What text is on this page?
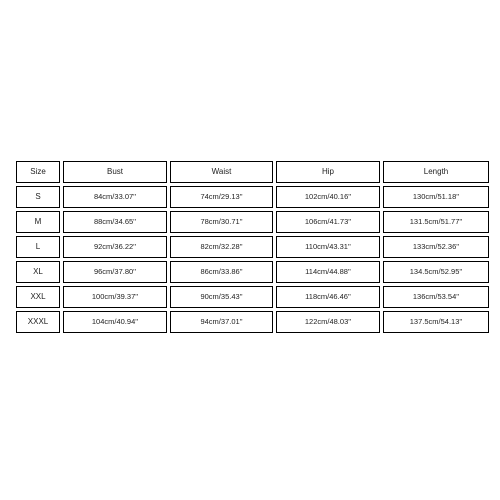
Size	Bust	Waist	Hip	Length
S	84cm/33.07''	74cm/29.13''	102cm/40.16''	130cm/51.18''
M	88cm/34.65''	78cm/30.71''	106cm/41.73''	131.5cm/51.77''
L	92cm/36.22''	82cm/32.28''	110cm/43.31''	133cm/52.36''
XL	96cm/37.80''	86cm/33.86''	114cm/44.88''	134.5cm/52.95''
XXL	100cm/39.37''	90cm/35.43''	118cm/46.46''	136cm/53.54''
XXXL	104cm/40.94''	94cm/37.01''	122cm/48.03''	137.5cm/54.13''
